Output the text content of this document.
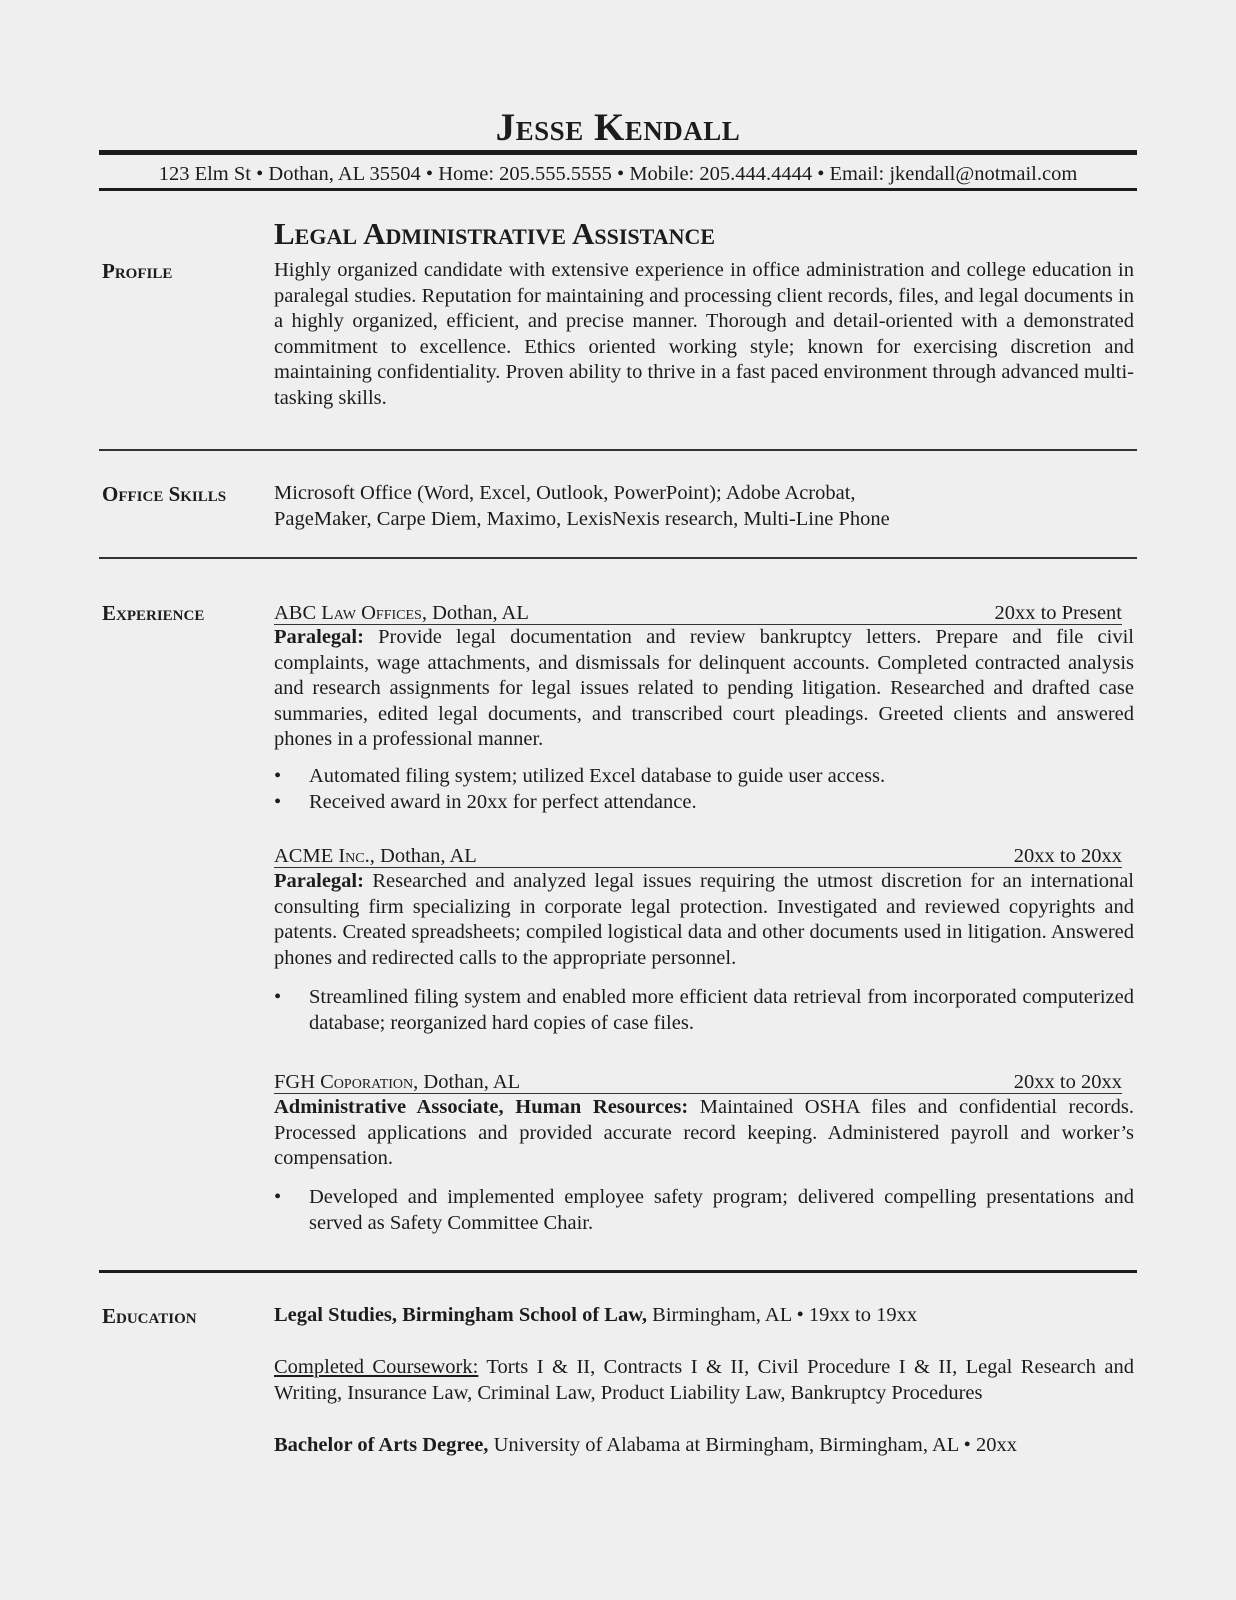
Jesse Kendall
123 Elm St • Dothan, AL 35504 • Home: 205.555.5555 • Mobile: 205.444.4444 • Email: jkendall@notmail.com
Legal Administrative Assistance
Profile	Highly organized candidate with extensive experience in office administration and college education in paralegal studies. Reputation for maintaining and processing client records, files, and legal documents in a highly organized, efficient, and precise manner. Thorough and detail-oriented with a demonstrated commitment to excellence. Ethics oriented working style; known for exercising discretion and maintaining confidentiality. Proven ability to thrive in a fast paced environment through advanced multi-tasking skills.
Office Skills Microsoft Office (Word, Excel, Outlook, PowerPoint); Adobe Acrobat,
PageMaker, Carpe Diem, Maximo, LexisNexis research, Multi-Line Phone
Experience	ABC Law Offices, Dothan, AL	20xx to Present
Paralegal: Provide legal documentation and review bankruptcy letters. Prepare and file civil complaints, wage attachments, and dismissals for delinquent accounts. Completed contracted analysis and research assignments for legal issues related to pending litigation. Researched and drafted case summaries, edited legal documents, and transcribed court pleadings. Greeted clients and answered phones in a professional manner.
•	Automated filing system; utilized Excel database to guide user access.
•	Received award in 20xx for perfect attendance.
ACME Inc., Dothan, AL	20xx to 20xx
Paralegal: Researched and analyzed legal issues requiring the utmost discretion for an international consulting firm specializing in corporate legal protection. Investigated and reviewed copyrights and patents. Created spreadsheets; compiled logistical data and other documents used in litigation. Answered phones and redirected calls to the appropriate personnel.
•	Streamlined filing system and enabled more efficient data retrieval from incorporated computerized database; reorganized hard copies of case files.
FGH Coporation, Dothan, AL	20xx to 20xx
Administrative Associate, Human Resources: Maintained OSHA files and confidential records. Processed applications and provided accurate record keeping. Administered payroll and worker’s compensation.
•	Developed and implemented employee safety program; delivered compelling presentations and served as Safety Committee Chair.
Education	Legal Studies, Birmingham School of Law, Birmingham, AL • 19xx to 19xx
Completed Coursework: Torts I & II, Contracts I & II, Civil Procedure I & II, Legal Research and Writing, Insurance Law, Criminal Law, Product Liability Law, Bankruptcy Procedures
Bachelor of Arts Degree, University of Alabama at Birmingham, Birmingham, AL • 20xx
